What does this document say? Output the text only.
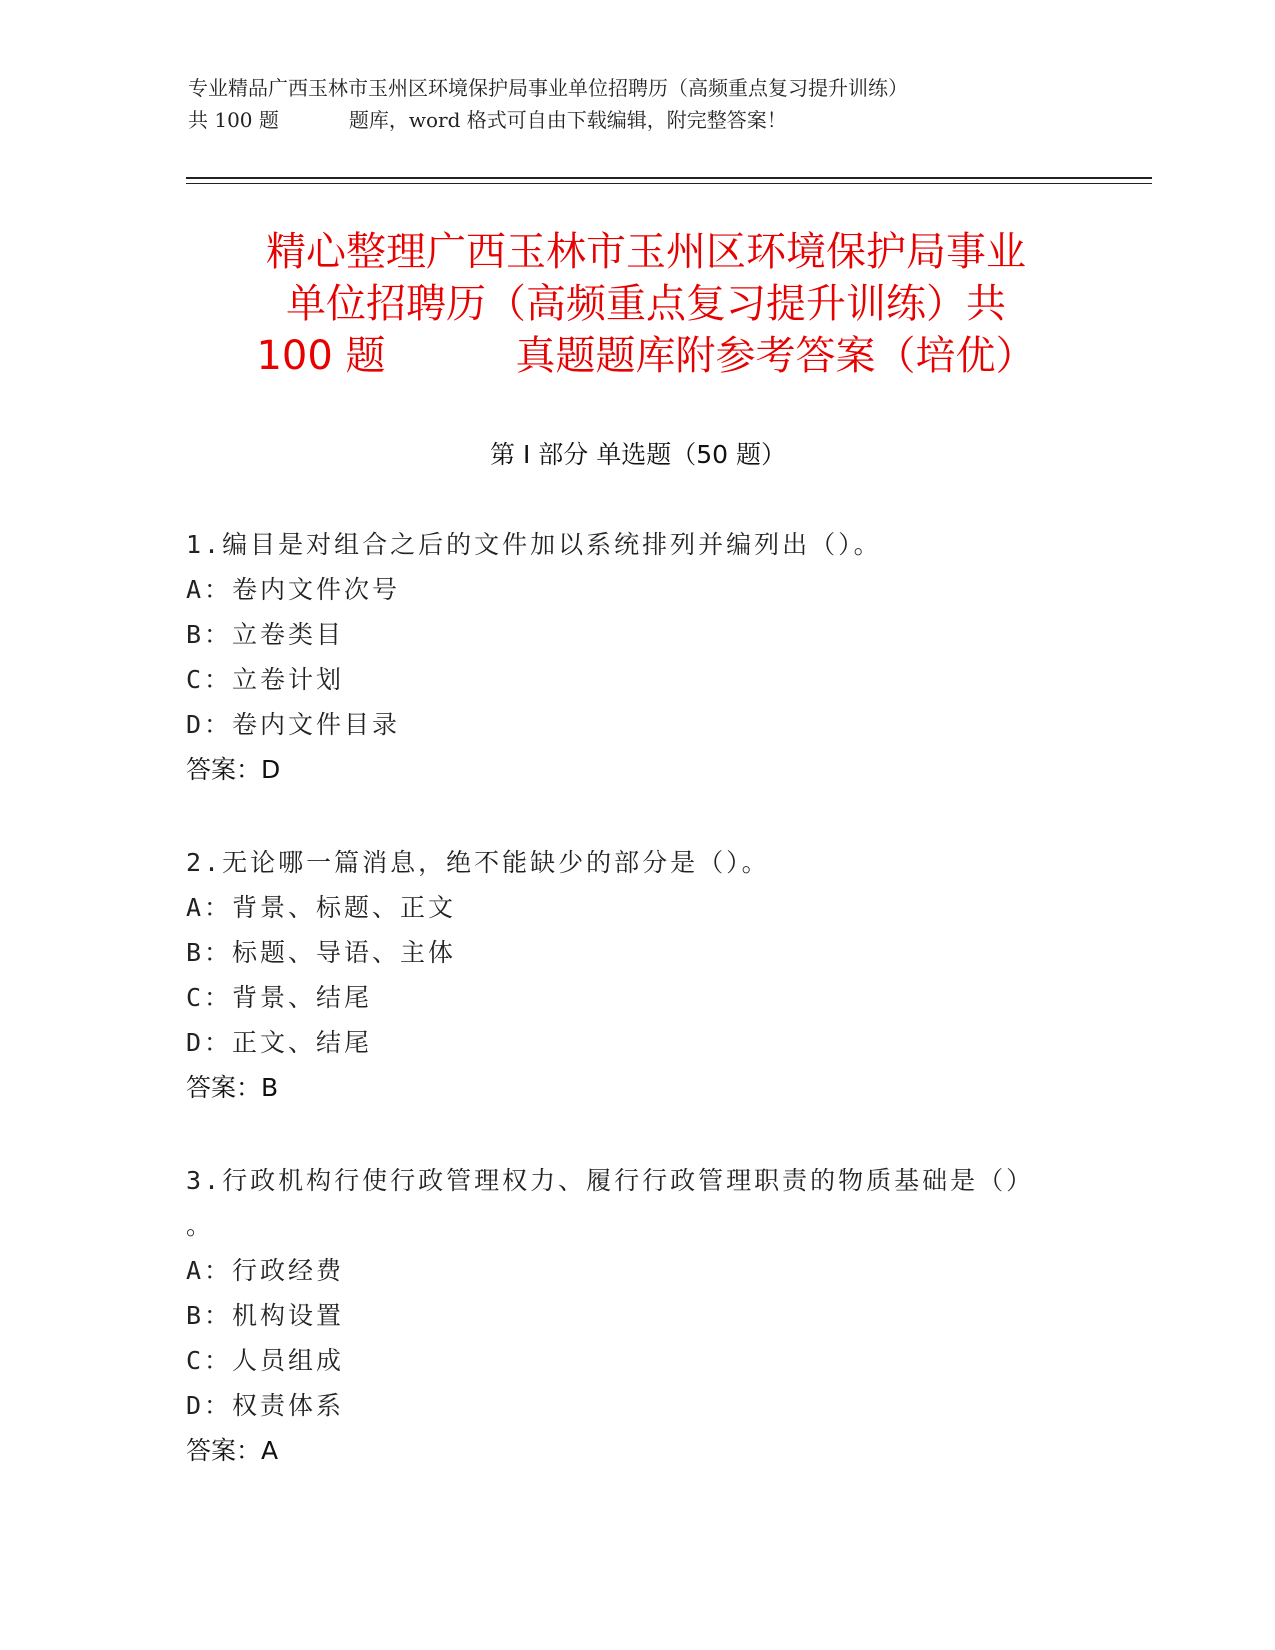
专业精品广西玉林市玉州区环境保护局事业单位招聘历（高频重点复习提升训练）
共 100 题	题库，word 格式可自由下载编辑，附完整答案！
精心整理广西玉林市玉州区环境保护局事业
单位招聘历（高频重点复习提升训练）共
100 题	真题题库附参考答案（培优）
第 I 部分 单选题（50 题）
1.编目是对组合之后的文件加以系统排列并编列出（）。
A：卷内文件次号
B：立卷类目
C：立卷计划
D：卷内文件目录
答案：D
2.无论哪一篇消息，绝不能缺少的部分是（）。
A：背景、标题、正文
B：标题、导语、主体
C：背景、结尾
D：正文、结尾
答案：B
3.行政机构行使行政管理权力、履行行政管理职责的物质基础是（）
。
A：行政经费
B：机构设置
C：人员组成
D：权责体系
答案：A
